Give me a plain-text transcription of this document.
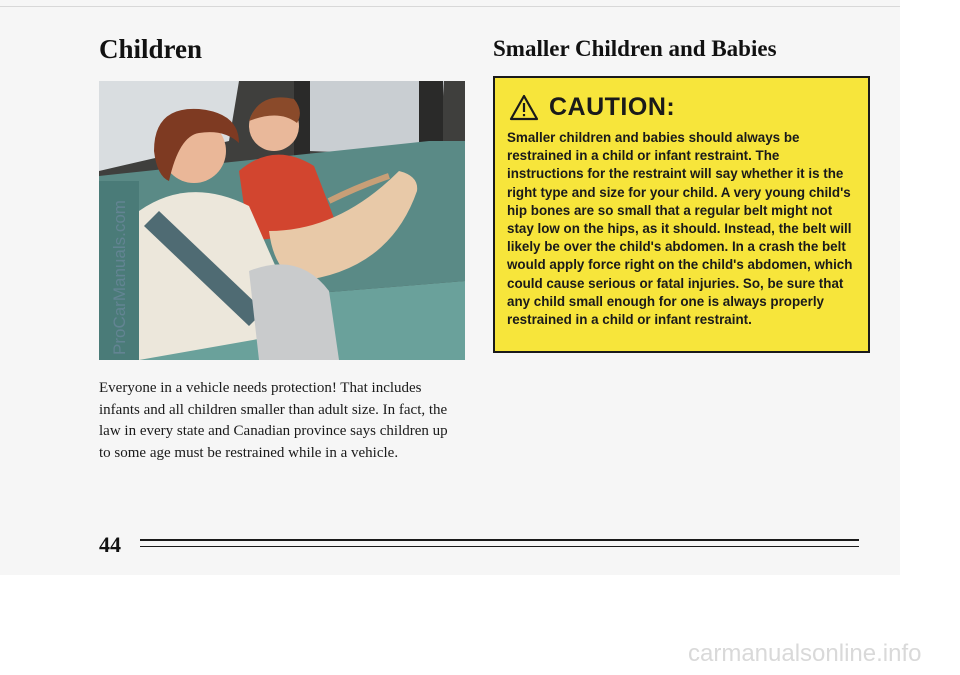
Children	Smaller Children and Babies

Everyone in a vehicle needs protection! That includes infants and all children smaller than adult size. In fact, the law in every state and Canadian province says children up to some age must be restrained while in a vehicle.

CAUTION:

Smaller children and babies should always be restrained in a child or infant restraint. The instructions for the restraint will say whether it is the right type and size for your child. A very young child's hip bones are so small that a regular belt might not stay low on the hips, as it should. Instead, the belt will likely be over the child's abdomen. In a crash the belt would apply force right on the child's abdomen, which could cause serious or fatal injuries. So, be sure that any child small enough for one is always properly restrained in a child or infant restraint.

44
ProCarManuals.com
carmanualsonline.info
